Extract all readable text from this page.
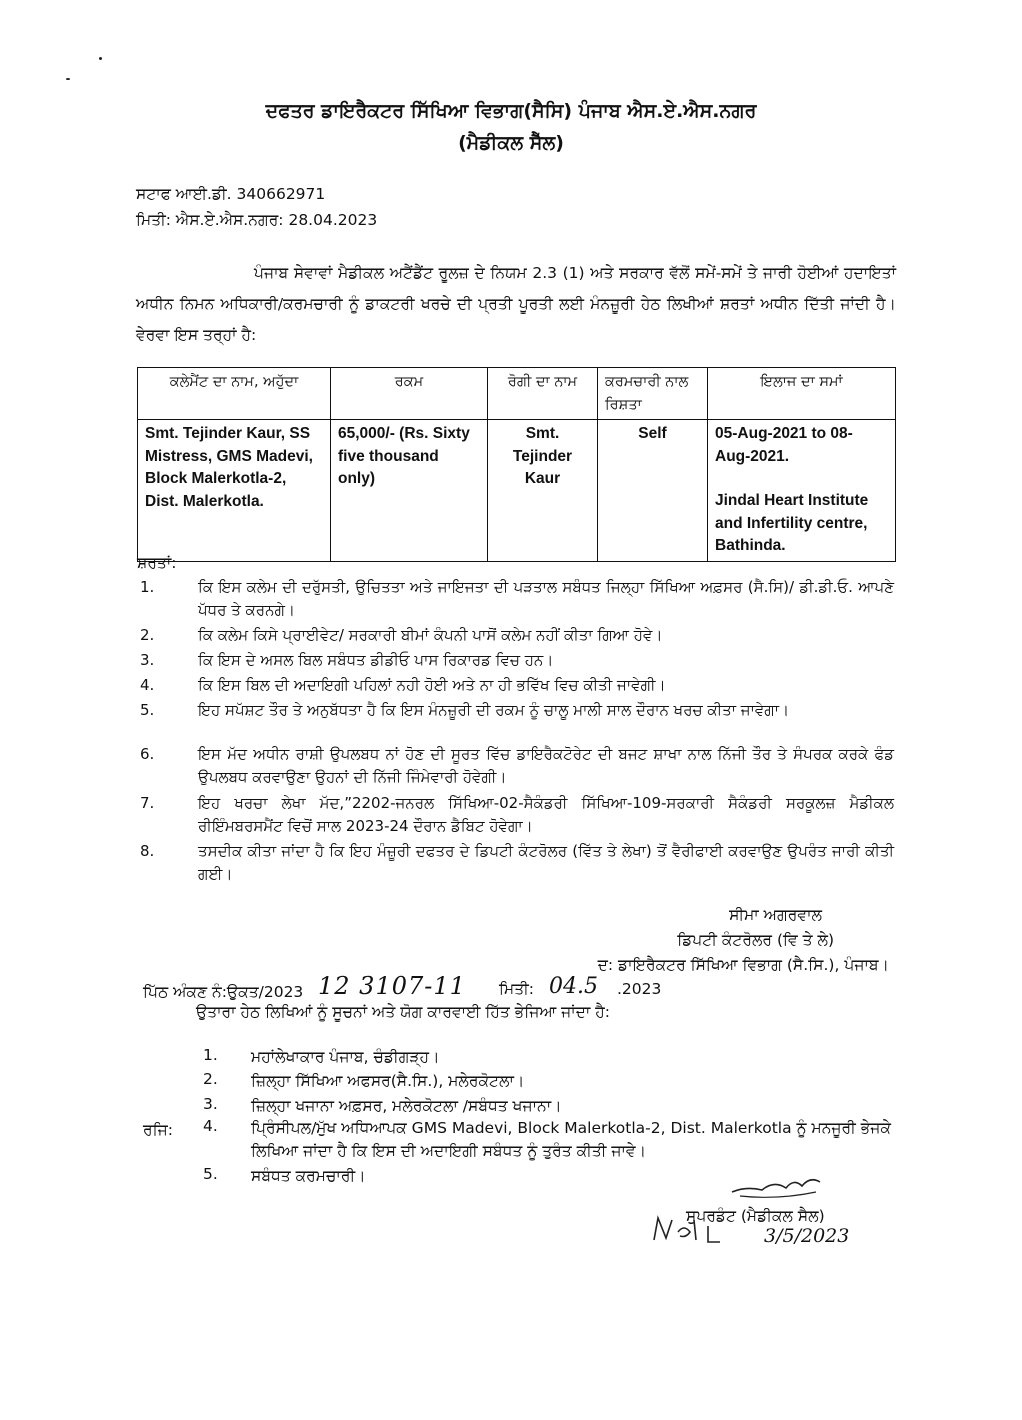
ਦਫਤਰ ਡਾਇਰੈਕਟਰ ਸਿੱਖਿਆ ਵਿਭਾਗ(ਸੈਸਿ) ਪੰਜਾਬ ਐਸ.ਏ.ਐਸ.ਨਗਰ
(ਮੈਡੀਕਲ ਸੈੱਲ)
ਸਟਾਫ ਆਈ.ਡੀ. 340662971
ਮਿਤੀ: ਐਸ.ਏ.ਐਸ.ਨਗਰ: 28.04.2023
ਪੰਜਾਬ ਸੇਵਾਵਾਂ ਮੈਡੀਕਲ ਅਟੈਂਡੈਂਟ ਰੂਲਜ਼ ਦੇ ਨਿਯਮ 2.3 (1) ਅਤੇ ਸਰਕਾਰ ਵੱਲੋਂ ਸਮੇਂ-ਸਮੇਂ ਤੇ ਜਾਰੀ ਹੋਈਆਂ ਹਦਾਇਤਾਂ ਅਧੀਨ ਨਿਮਨ ਅਧਿਕਾਰੀ/ਕਰਮਚਾਰੀ ਨੂੰ ਡਾਕਟਰੀ ਖਰਚੇ ਦੀ ਪ੍ਰਤੀ ਪੂਰਤੀ ਲਈ ਮੰਨਜ਼ੂਰੀ ਹੇਠ ਲਿਖੀਆਂ ਸ਼ਰਤਾਂ ਅਧੀਨ ਦਿੱਤੀ ਜਾਂਦੀ ਹੈ। ਵੇਰਵਾ ਇਸ ਤਰ੍ਹਾਂ ਹੈ:
ਕਲੇਮੈਂਟ ਦਾ ਨਾਮ, ਅਹੁੱਦਾ	ਰਕਮ	ਰੋਗੀ ਦਾ ਨਾਮ	ਕਰਮਚਾਰੀ ਨਾਲ ਰਿਸ਼ਤਾ	ਇਲਾਜ ਦਾ ਸਮਾਂ
Smt. Tejinder Kaur, SS Mistress, GMS Madevi, Block Malerkotla-2, Dist. Malerkotla.	65,000/- (Rs. Sixty five thousand only)	Smt. Tejinder Kaur	Self	05-Aug-2021 to 08-Aug-2021.
Jindal Heart Institute and Infertility centre, Bathinda.
ਸ਼ਰਤਾਂ:
1.	ਕਿ ਇਸ ਕਲੇਮ ਦੀ ਦਰੁੱਸਤੀ, ਉਚਿਤਤਾ ਅਤੇ ਜਾਇਜਤਾ ਦੀ ਪੜਤਾਲ ਸਬੰਧਤ ਜਿਲ੍ਹਾ ਸਿੱਖਿਆ ਅਫ਼ਸਰ (ਸੈ.ਸਿ)/ ਡੀ.ਡੀ.ਓ. ਆਪਣੇ ਪੱਧਰ ਤੇ ਕਰਨਗੇ।
2.	ਕਿ ਕਲੇਮ ਕਿਸੇ ਪ੍ਰਾਈਵੇਟ/ ਸਰਕਾਰੀ ਬੀਮਾਂ ਕੰਪਨੀ ਪਾਸੋਂ ਕਲੇਮ ਨਹੀਂ ਕੀਤਾ ਗਿਆ ਹੋਵੇ।
3.	ਕਿ ਇਸ ਦੇ ਅਸਲ ਬਿਲ ਸਬੰਧਤ ਡੀਡੀਓ ਪਾਸ ਰਿਕਾਰਡ ਵਿਚ ਹਨ।
4.	ਕਿ ਇਸ ਬਿਲ ਦੀ ਅਦਾਇਗੀ ਪਹਿਲਾਂ ਨਹੀ ਹੋਈ ਅਤੇ ਨਾ ਹੀ ਭਵਿੱਖ ਵਿਚ ਕੀਤੀ ਜਾਵੇਗੀ।
5.	ਇਹ ਸਪੱਸ਼ਟ ਤੌਰ ਤੇ ਅਨੁਬੱਧਤਾ ਹੈ ਕਿ ਇਸ ਮੰਨਜ਼ੂਰੀ ਦੀ ਰਕਮ ਨੂੰ ਚਾਲੂ ਮਾਲੀ ਸਾਲ ਦੌਰਾਨ ਖਰਚ ਕੀਤਾ ਜਾਵੇਗਾ।
6.	ਇਸ ਮੱਦ ਅਧੀਨ ਰਾਸ਼ੀ ਉਪਲਬਧ ਨਾਂ ਹੋਣ ਦੀ ਸੂਰਤ ਵਿੱਚ ਡਾਇਰੈਕਟੋਰੇਟ ਦੀ ਬਜਟ ਸ਼ਾਖਾ ਨਾਲ ਨਿੱਜੀ ਤੌਰ ਤੇ ਸੰਪਰਕ ਕਰਕੇ ਫੰਡ ਉਪਲਬਧ ਕਰਵਾਉਣਾ ਉਹਨਾਂ ਦੀ ਨਿੱਜੀ ਜਿੰਮੇਵਾਰੀ ਹੋਵੇਗੀ।
7.	ਇਹ ਖਰਚਾ ਲੇਖਾ ਮੱਦ,”2202-ਜਨਰਲ ਸਿੱਖਿਆ-02-ਸੈਕੰਡਰੀ ਸਿੱਖਿਆ-109-ਸਰਕਾਰੀ ਸੈਕੰਡਰੀ ਸਰਕੂਲਜ਼ ਮੈਡੀਕਲ ਰੀਇੰਮਬਰਸਮੈਂਟ ਵਿਚੋਂ ਸਾਲ 2023-24 ਦੌਰਾਨ ਡੈਬਿਟ ਹੋਵੇਗਾ।
8.	ਤਸਦੀਕ ਕੀਤਾ ਜਾਂਦਾ ਹੈ ਕਿ ਇਹ ਮੰਜ਼ੂਰੀ ਦਫਤਰ ਦੇ ਡਿਪਟੀ ਕੰਟਰੋਲਰ (ਵਿੱਤ ਤੇ ਲੇਖਾ) ਤੋਂ ਵੈਰੀਫਾਈ ਕਰਵਾਉਣ ਉਪਰੰਤ ਜਾਰੀ ਕੀਤੀ ਗਈ।
ਸੀਮਾ ਅਗਰਵਾਲ
ਡਿਪਟੀ ਕੰਟਰੋਲਰ (ਵਿ ਤੇ ਲੇ)
ਦ: ਡਾਇਰੈਕਟਰ ਸਿੱਖਿਆ ਵਿਭਾਗ (ਸੈ.ਸਿ.), ਪੰਜਾਬ।
ਪਿੱਠ ਅੰਕਣ ਨੰ:ਉਕਤ/2023 12 3107-11 ਮਿਤੀ: 04.5 .2023
ਉਤਾਰਾ ਹੇਠ ਲਿਖਿਆਂ ਨੂੰ ਸੂਚਨਾਂ ਅਤੇ ਯੋਗ ਕਾਰਵਾਈ ਹਿੱਤ ਭੇਜਿਆ ਜਾਂਦਾ ਹੈ:
1.	ਮਹਾਂਲੇਖਾਕਾਰ ਪੰਜਾਬ, ਚੰਡੀਗੜ੍ਹ।
2.	ਜ਼ਿਲ੍ਹਾ ਸਿੱਖਿਆ ਅਫਸਰ(ਸੈ.ਸਿ.), ਮਲੇਰਕੋਟਲਾ।
3.	ਜ਼ਿਲ੍ਹਾ ਖਜਾਨਾ ਅਫ਼ਸਰ, ਮਲੇਰਕੋਟਲਾ /ਸਬੰਧਤ ਖਜਾਨਾ।
ਰਜਿ: 4.	ਪ੍ਰਿੰਸੀਪਲ/ਮੁੱਖ ਅਧਿਆਪਕ GMS Madevi, Block Malerkotla-2, Dist. Malerkotla ਨੂੰ ਮਨਜੂਰੀ ਭੇਜਕੇ ਲਿਖਿਆ ਜਾਂਦਾ ਹੈ ਕਿ ਇਸ ਦੀ ਅਦਾਇਗੀ ਸਬੰਧਤ ਨੂੰ ਤੁਰੰਤ ਕੀਤੀ ਜਾਵੇ।
5.	ਸਬੰਧਤ ਕਰਮਚਾਰੀ।
ਸੁਪਰਡੰਟ (ਮੈਡੀਕਲ ਸੈਲ)
3/5/2023
